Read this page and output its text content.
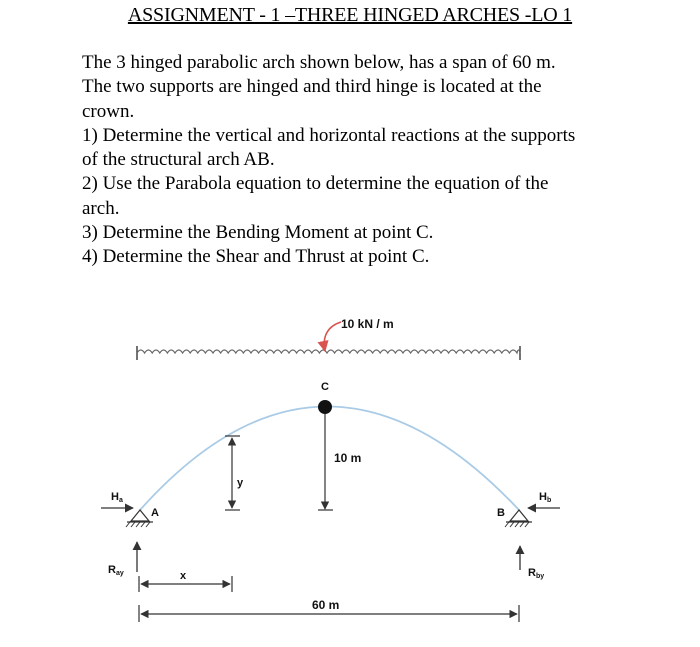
ASSIGNMENT - 1 –THREE HINGED ARCHES -LO 1

The 3 hinged parabolic arch shown below, has a span of 60 m.

The two supports are hinged and third hinge is located at the

crown.

1) Determine the vertical and horizontal reactions at the supports

of the structural arch AB.

2) Use the Parabola equation to determine the equation of the

arch.

3) Determine the Bending Moment at point C.

4) Determine the Shear and Thrust at point C.

10 kN / m
C
10 m
y
A
Ha
Ray
B
Hb
Rby
x
60 m
